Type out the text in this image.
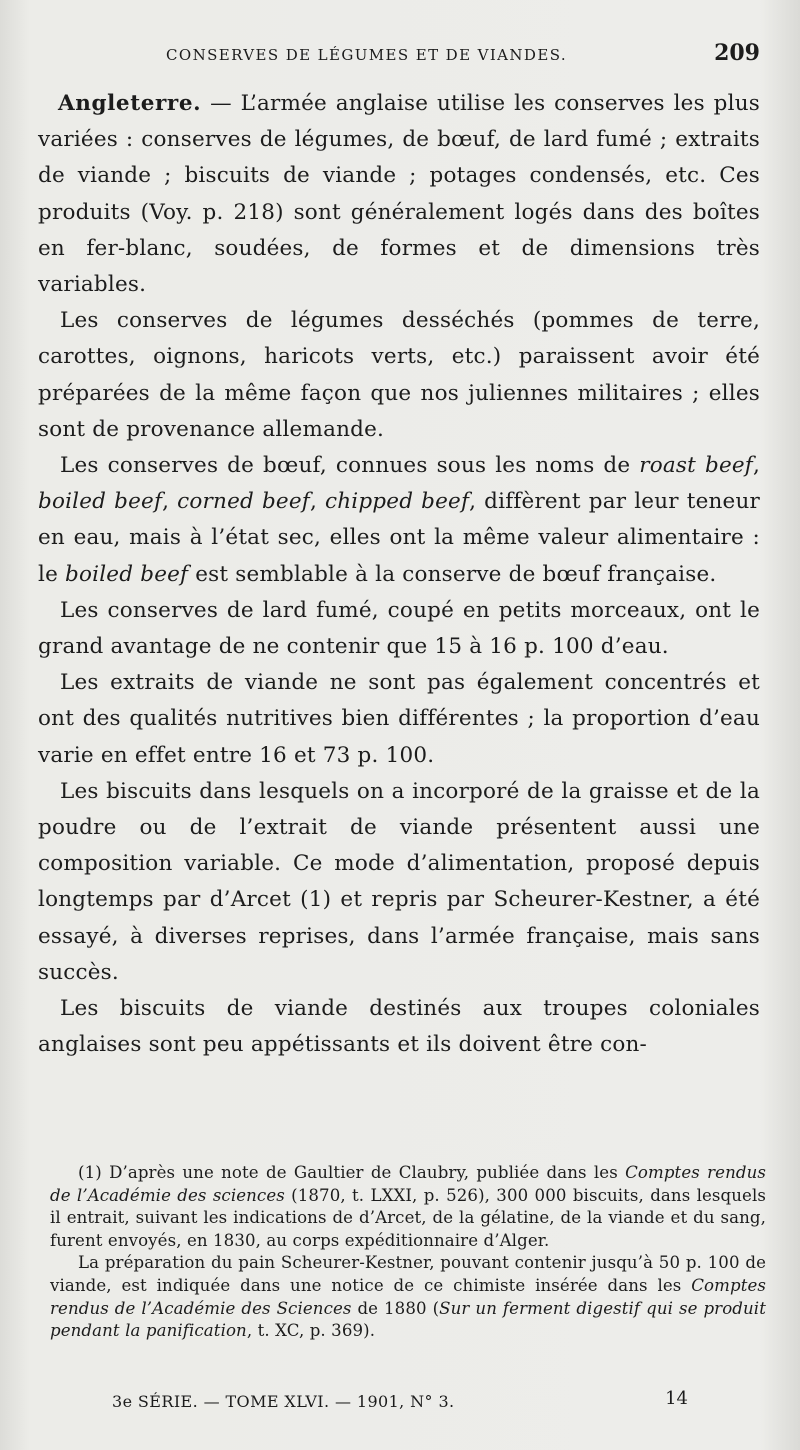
CONSERVES DE LÉGUMES ET DE VIANDES.	209

Angleterre. — L’armée anglaise utilise les conserves les plus variées : conserves de légumes, de bœuf, de lard fumé ; extraits de viande ; biscuits de viande ; potages condensés, etc. Ces produits (Voy. p. 218) sont généralement logés dans des boîtes en fer-blanc, soudées, de formes et de dimensions très variables.

Les conserves de légumes desséchés (pommes de terre, carottes, oignons, haricots verts, etc.) paraissent avoir été préparées de la même façon que nos juliennes militaires ; elles sont de provenance allemande.

Les conserves de bœuf, connues sous les noms de roast beef, boiled beef, corned beef, chipped beef, diffèrent par leur teneur en eau, mais à l’état sec, elles ont la même valeur alimentaire : le boiled beef est semblable à la conserve de bœuf française.

Les conserves de lard fumé, coupé en petits morceaux, ont le grand avantage de ne contenir que 15 à 16 p. 100 d’eau.

Les extraits de viande ne sont pas également concentrés et ont des qualités nutritives bien différentes ; la proportion d’eau varie en effet entre 16 et 73 p. 100.

Les biscuits dans lesquels on a incorporé de la graisse et de la poudre ou de l’extrait de viande présentent aussi une composition variable. Ce mode d’alimentation, proposé depuis longtemps par d’Arcet (1) et repris par Scheurer-Kestner, a été essayé, à diverses reprises, dans l’armée française, mais sans succès.

Les biscuits de viande destinés aux troupes coloniales anglaises sont peu appétissants et ils doivent être con-

(1) D’après une note de Gaultier de Claubry, publiée dans les Comptes rendus de l’Académie des sciences (1870, t. LXXI, p. 526), 300 000 biscuits, dans lesquels il entrait, suivant les indications de d’Arcet, de la gélatine, de la viande et du sang, furent envoyés, en 1830, au corps expéditionnaire d’Alger.

La préparation du pain Scheurer-Kestner, pouvant contenir jusqu’à 50 p. 100 de viande, est indiquée dans une notice de ce chimiste insérée dans les Comptes rendus de l’Académie des Sciences de 1880 (Sur un ferment digestif qui se produit pendant la panification, t. XC, p. 369).

3e SÉRIE. — TOME XLVI. — 1901, N° 3.	14
